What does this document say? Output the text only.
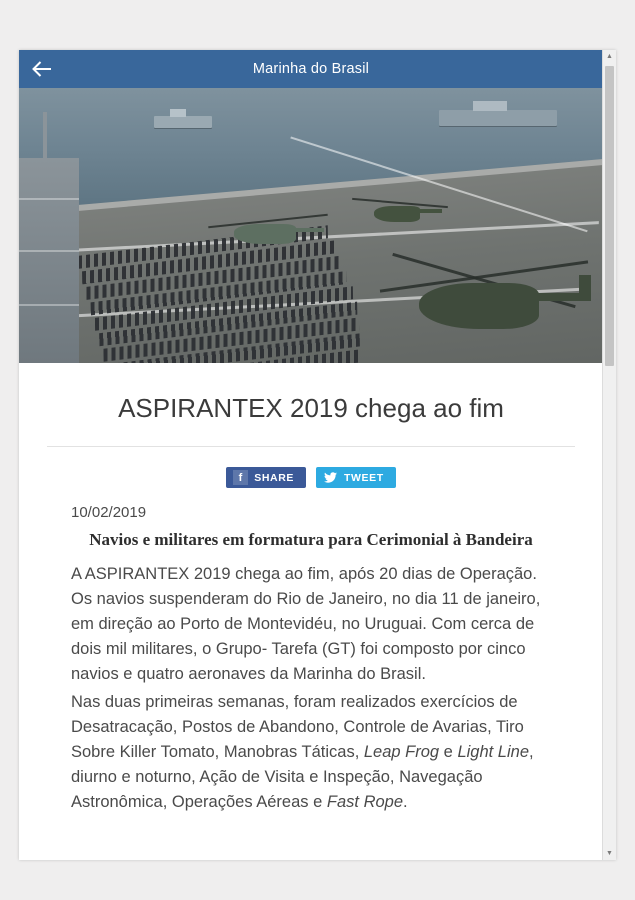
Marinha do Brasil
ASPIRANTEX 2019 chega ao fim
f	SHARE	TWEET
10/02/2019
Navios e militares em formatura para Cerimonial à Bandeira

A ASPIRANTEX 2019 chega ao fim, após 20 dias de Operação. Os navios suspenderam do Rio de Janeiro, no dia 11 de janeiro, em direção ao Porto de Montevidéu, no Uruguai. Com cerca de dois mil militares, o Grupo- Tarefa (GT) foi composto por cinco navios e quatro aeronaves da Marinha do Brasil.

Nas duas primeiras semanas, foram realizados exercícios de Desatracação, Postos de Abandono, Controle de Avarias, Tiro Sobre Killer Tomato, Manobras Táticas, Leap Frog e Light Line, diurno e noturno, Ação de Visita e Inspeção, Navegação Astronômica, Operações Aéreas e Fast Rope.

▲
▼
